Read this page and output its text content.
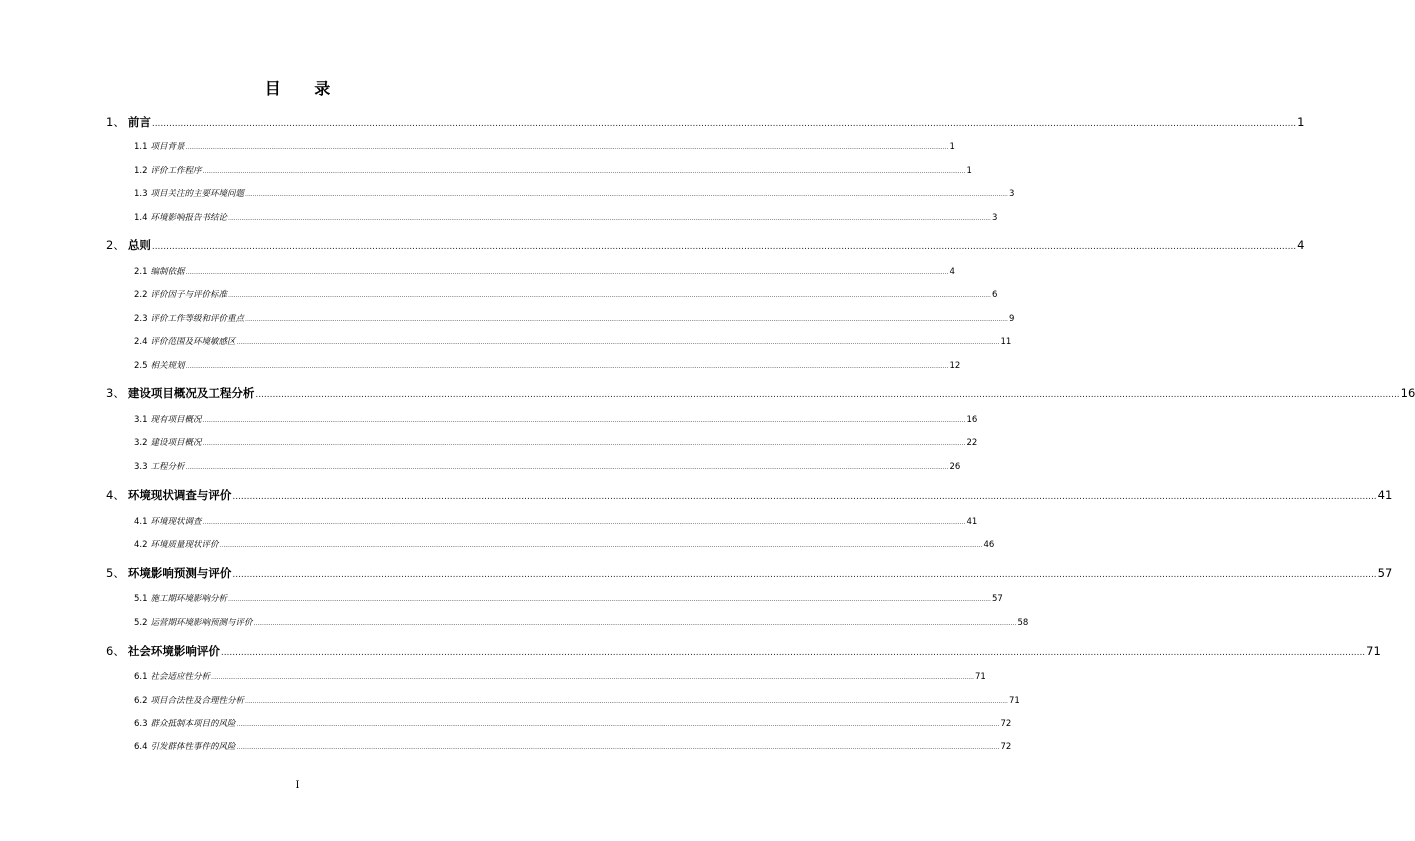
目 录
1、 前言 ................................................................................................................................................................................................................................................................................................................................................................................................................ 1
1.1 项目背景 ................................................................................................................................................................................................................................................................................................................................................................................................................ 1
1.2 评价工作程序 ................................................................................................................................................................................................................................................................................................................................................................................................................ 1
1.3 项目关注的主要环境问题 ................................................................................................................................................................................................................................................................................................................................................................................................................ 3
1.4 环境影响报告书结论 ................................................................................................................................................................................................................................................................................................................................................................................................................ 3
2、 总则 ................................................................................................................................................................................................................................................................................................................................................................................................................ 4
2.1 编制依据 ................................................................................................................................................................................................................................................................................................................................................................................................................ 4
2.2 评价因子与评价标准 ................................................................................................................................................................................................................................................................................................................................................................................................................ 6
2.3 评价工作等级和评价重点 ................................................................................................................................................................................................................................................................................................................................................................................................................ 9
2.4 评价范围及环境敏感区 ................................................................................................................................................................................................................................................................................................................................................................................................................ 11
2.5 相关规划 ................................................................................................................................................................................................................................................................................................................................................................................................................ 12
3、 建设项目概况及工程分析 ................................................................................................................................................................................................................................................................................................................................................................................................................ 16
3.1 现有项目概况 ................................................................................................................................................................................................................................................................................................................................................................................................................ 16
3.2 建设项目概况 ................................................................................................................................................................................................................................................................................................................................................................................................................ 22
3.3 工程分析 ................................................................................................................................................................................................................................................................................................................................................................................................................ 26
4、 环境现状调查与评价 ................................................................................................................................................................................................................................................................................................................................................................................................................ 41
4.1 环境现状调查 ................................................................................................................................................................................................................................................................................................................................................................................................................ 41
4.2 环境质量现状评价 ................................................................................................................................................................................................................................................................................................................................................................................................................ 46
5、 环境影响预测与评价 ................................................................................................................................................................................................................................................................................................................................................................................................................ 57
5.1 施工期环境影响分析 ................................................................................................................................................................................................................................................................................................................................................................................................................ 57
5.2 运营期环境影响预测与评价 ................................................................................................................................................................................................................................................................................................................................................................................................................ 58
6、 社会环境影响评价 ................................................................................................................................................................................................................................................................................................................................................................................................................ 71
6.1 社会适应性分析 ................................................................................................................................................................................................................................................................................................................................................................................................................ 71
6.2 项目合法性及合理性分析 ................................................................................................................................................................................................................................................................................................................................................................................................................ 71
6.3 群众抵制本项目的风险 ................................................................................................................................................................................................................................................................................................................................................................................................................ 72
6.4 引发群体性事件的风险 ................................................................................................................................................................................................................................................................................................................................................................................................................ 72
I
